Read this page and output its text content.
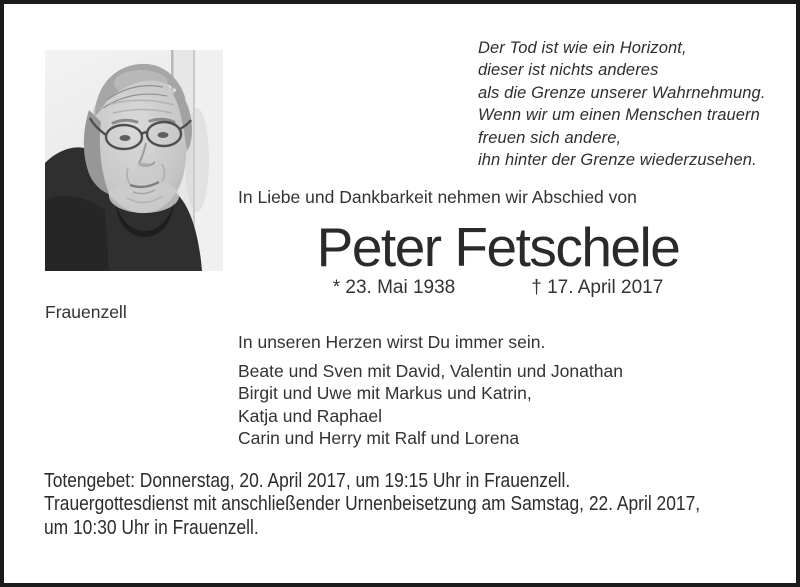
Der Tod ist wie ein Horizont,
dieser ist nichts anderes
als die Grenze unserer Wahrnehmung.
Wenn wir um einen Menschen trauern
freuen sich andere,
ihn hinter der Grenze wiederzusehen.
In Liebe und Dankbarkeit nehmen wir Abschied von
Peter Fetschele
* 23. Mai 1938	† 17. April 2017
Frauenzell
In unseren Herzen wirst Du immer sein.
Beate und Sven mit David, Valentin und Jonathan
Birgit und Uwe mit Markus und Katrin,
Katja und Raphael
Carin und Herry mit Ralf und Lorena
Totengebet: Donnerstag, 20. April 2017, um 19:15 Uhr in Frauenzell.
Trauergottesdienst mit anschließender Urnenbeisetzung am Samstag, 22. April 2017,
um 10:30 Uhr in Frauenzell.
